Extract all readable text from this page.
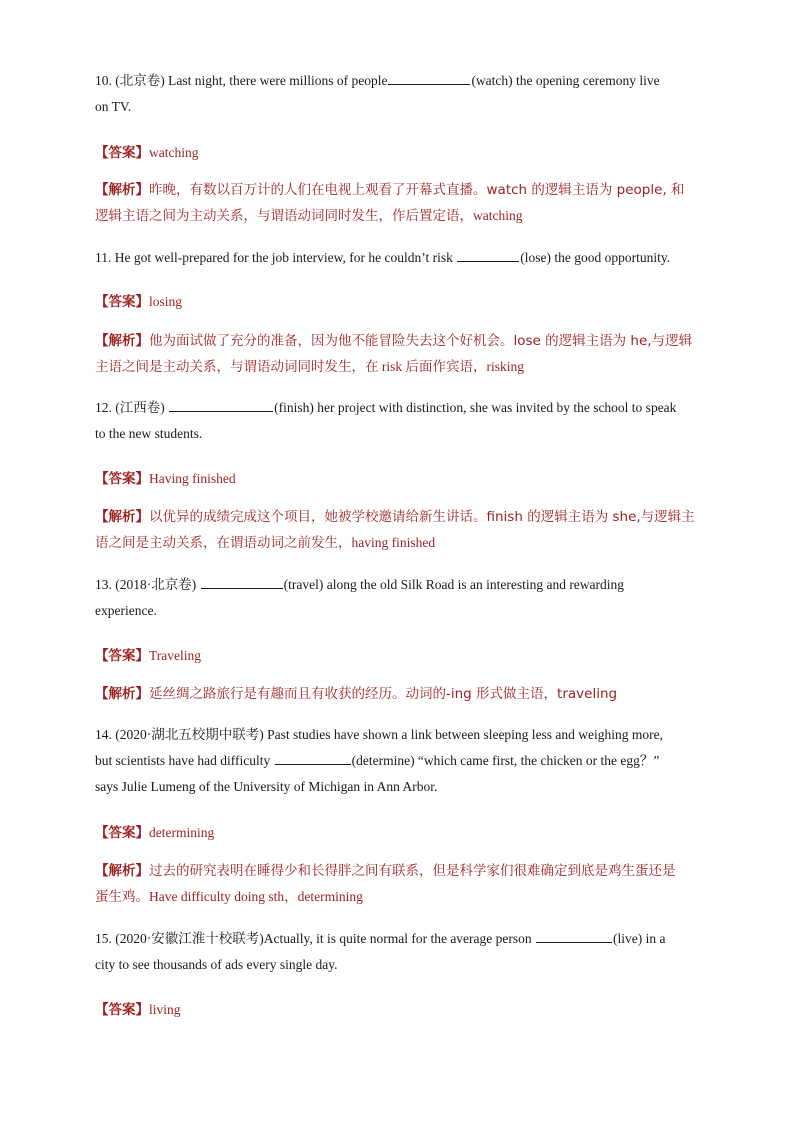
10. (北京卷) Last night, there were millions of people	(watch) the opening ceremony live

on TV.

【答案】watching

【解析】昨晚，有数以百万计的人们在电视上观看了开幕式直播。watch 的逻辑主语为 people, 和

逻辑主语之间为主动关系，与谓语动词同时发生，作后置定语，watching

11. He got well-prepared for the job interview, for he couldn’t risk	(lose) the good opportunity.

【答案】losing

【解析】他为面试做了充分的准备，因为他不能冒险失去这个好机会。lose 的逻辑主语为 he,与逻辑

主语之间是主动关系，与谓语动词同时发生，在 risk 后面作宾语，risking

12. (江西卷)	(finish) her project with distinction, she was invited by the school to speak

to the new students.

【答案】Having finished

【解析】以优异的成绩完成这个项目，她被学校邀请给新生讲话。finish 的逻辑主语为 she,与逻辑主

语之间是主动关系，在谓语动词之前发生，having finished

13. (2018·北京卷)	(travel) along the old Silk Road is an interesting and rewarding

experience.

【答案】Traveling

【解析】延丝绸之路旅行是有趣而且有收获的经历。动词的-ing 形式做主语，traveling

14. (2020·湖北五校期中联考) Past studies have shown a link between sleeping less and weighing more,

but scientists have had difficulty	(determine) “which came first, the chicken or the egg？”

says Julie Lumeng of the University of Michigan in Ann Arbor.

【答案】determining

【解析】过去的研究表明在睡得少和长得胖之间有联系，但是科学家们很难确定到底是鸡生蛋还是

蛋生鸡。Have difficulty doing sth，determining

15. (2020·安徽江淮十校联考)Actually, it is quite normal for the average person	(live) in a

city to see thousands of ads every single day.

【答案】living
